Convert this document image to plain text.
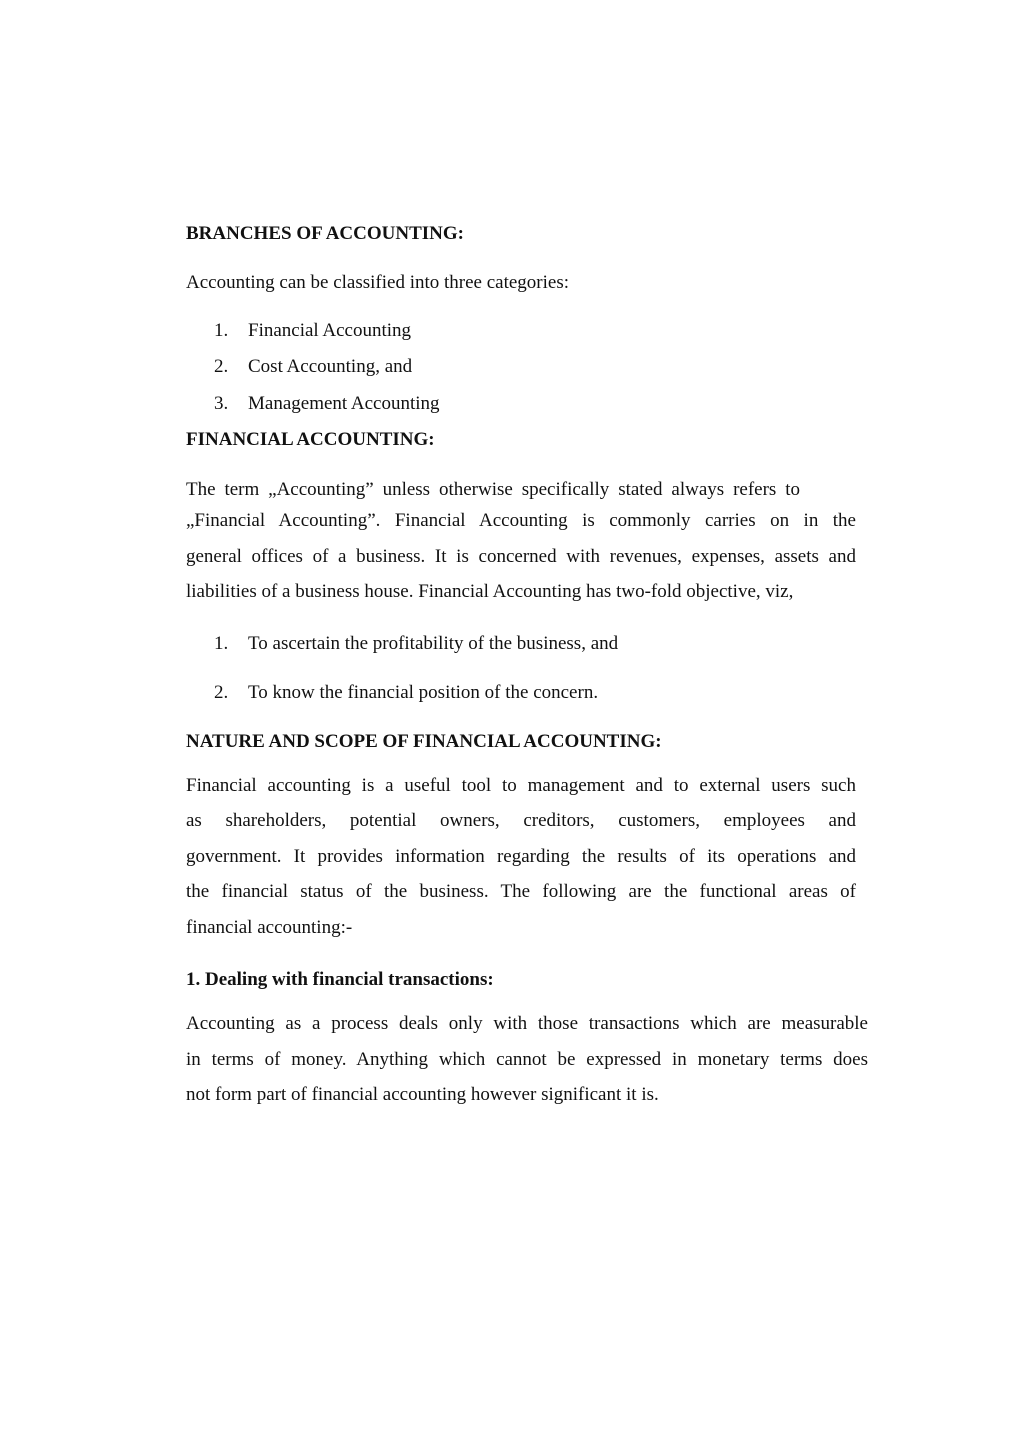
BRANCHES OF ACCOUNTING:

Accounting can be classified into three categories:

1. Financial Accounting
2. Cost Accounting, and
3. Management Accounting

FINANCIAL ACCOUNTING:

The term „Accounting” unless otherwise specifically stated always refers to

„Financial Accounting”. Financial Accounting is commonly carries on in the

general offices of a business. It is concerned with revenues, expenses, assets and

liabilities of a business house. Financial Accounting has two-fold objective, viz,

1. To ascertain the profitability of the business, and
2. To know the financial position of the concern.

NATURE AND SCOPE OF FINANCIAL ACCOUNTING:

Financial accounting is a useful tool to management and to external users such

as shareholders, potential owners, creditors, customers, employees and

government. It provides information regarding the results of its operations and

the financial status of the business. The following are the functional areas of

financial accounting:-

1. Dealing with financial transactions:

Accounting as a process deals only with those transactions which are measurable

in terms of money. Anything which cannot be expressed in monetary terms does

not form part of financial accounting however significant it is.
